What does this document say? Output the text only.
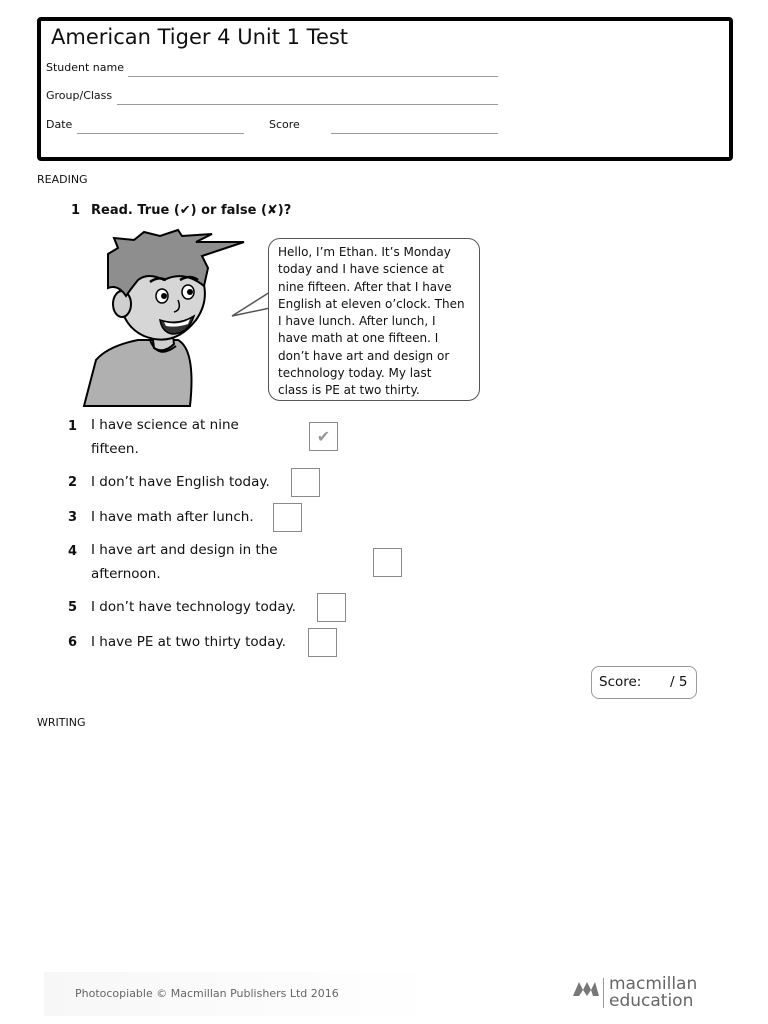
American Tiger 4 Unit 1 Test
Student name
Group/Class
Date	Score
READING
1 Read. True (✔) or false (✘)?
Hello, I’m Ethan. It’s Monday
today and I have science at
nine fifteen. After that I have
English at eleven o’clock. Then
I have lunch. After lunch, I
have math at one fifteen. I
don’t have art and design or
technology today. My last
class is PE at two thirty.
1 I have science at nine
fifteen.
✔
2 I don’t have English today.
3 I have math after lunch.
4 I have art and design in the
afternoon.
5 I don’t have technology today.
6 I have PE at two thirty today.
Score: / 5
WRITING
Photocopiable © Macmillan Publishers Ltd 2016	macmillan
education
